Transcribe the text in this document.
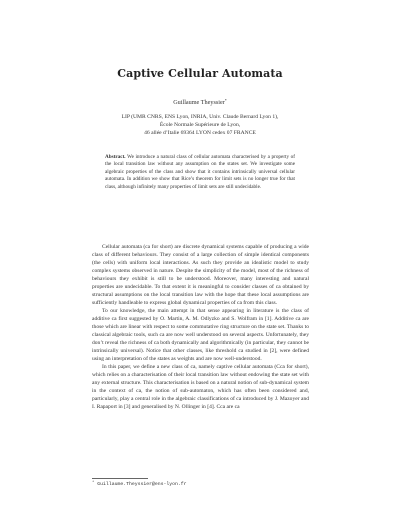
Captive Cellular Automata
Guillaume Theyssier*
LIP (UMR CNRS, ENS Lyon, INRIA, Univ. Claude Bernard Lyon 1),
École Normale Supérieure de Lyon,
46 allée d’Italie 69364 LYON cedex 07 FRANCE
Abstract. We introduce a natural class of cellular automata characterised by a property of the local transition law without any assumption on the states set. We investigate some algebraic properties of the class and show that it contains intrinsically universal cellular automata. In addition we show that Rice’s theorem for limit sets is no longer true for that class, although infinitely many properties of limit sets are still undecidable.

Cellular automata (ca for short) are discrete dynamical systems capable of producing a wide class of different behaviours. They consist of a large collection of simple identical components (the cells) with uniform local interactions. As such they provide an idealistic model to study complex systems observed in nature. Despite the simplicity of the model, most of the richness of behaviours they exhibit is still to be understood. Moreover, many interesting and natural properties are undecidable. To that extent it is meaningful to consider classes of ca obtained by structural assumptions on the local transition law with the hope that these local assumptions are sufficiently handleable to express global dynamical properties of ca from this class.

To our knowledge, the main attempt in that sense appearing in literature is the class of additive ca first suggested by O. Martin, A. M. Odlyzko and S. Wolfram in [1]. Additive ca are those which are linear with respect to some commutative ring structure on the state set. Thanks to classical algebraic tools, such ca are now well understood on several aspects. Unfortunately, they don’t reveal the richness of ca both dynamically and algorithmically (in particular, they cannot be intrinsically universal). Notice that other classes, like threshold ca studied in [2], were defined using an interpretation of the states as weights and are now well-understood.

In this paper, we define a new class of ca, namely captive cellular automata (Cca for short), which relies on a characterisation of their local transition law without endowing the state set with any external structure. This characterisation is based on a natural notion of sub-dynamical system in the context of ca, the notion of sub-automaton, which has often been considered and, particularly, play a central role in the algebraic classifications of ca introduced by J. Mazoyer and I. Rapaport in [3] and generalised by N. Ollinger in [4]. Cca are ca

* Guillaume.Theyssier@ens-lyon.fr
